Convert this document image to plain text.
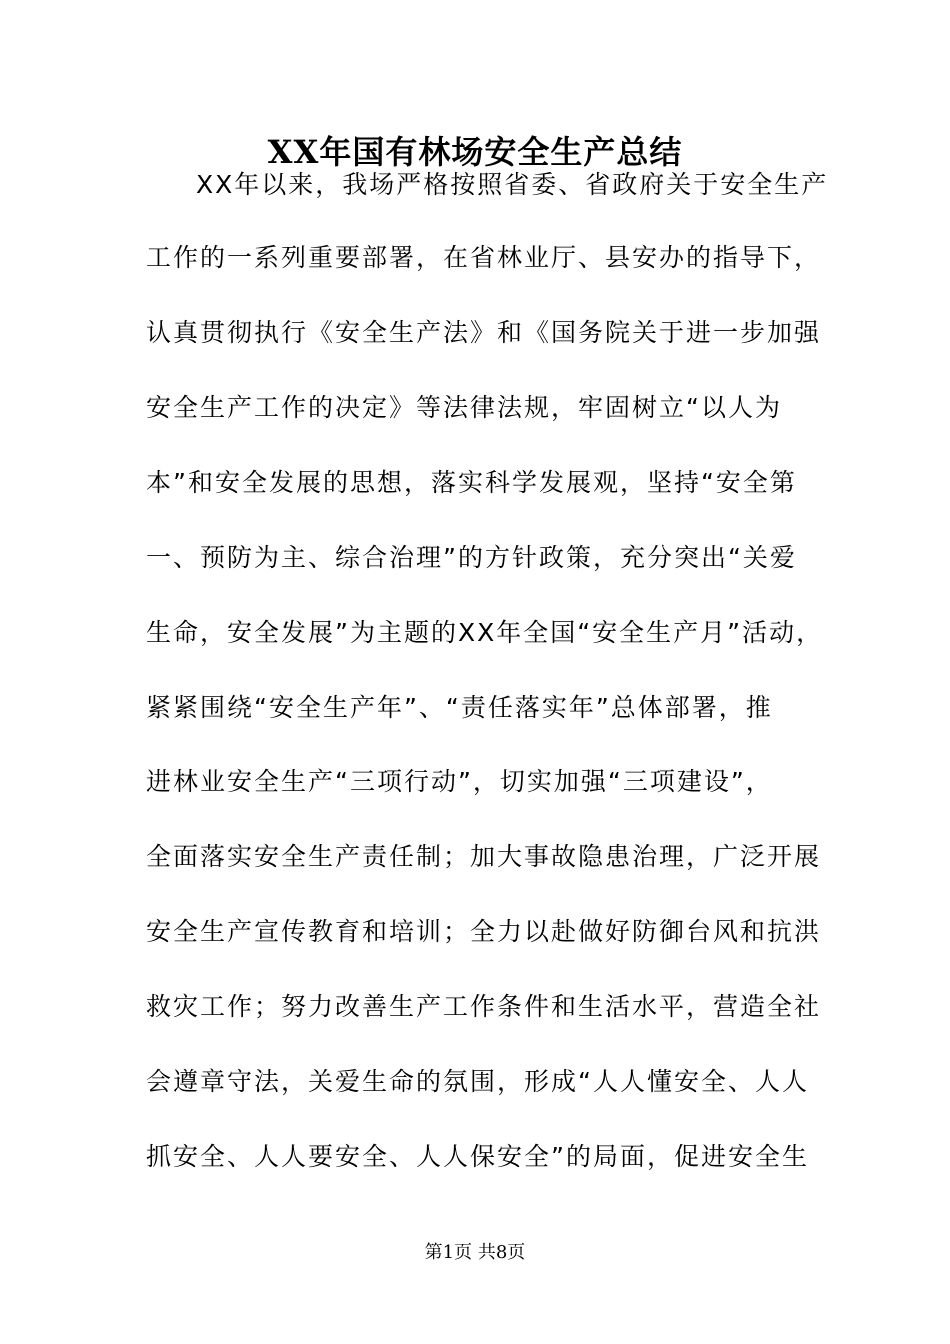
XX年国有林场安全生产总结
XX年以来，我场严格按照省委、省政府关于安全生产
工作的一系列重要部署，在省林业厅、县安办的指导下，
认真贯彻执行《安全生产法》和《国务院关于进一步加强
安全生产工作的决定》等法律法规，牢固树立“以人为
本”和安全发展的思想，落实科学发展观，坚持“安全第
一、预防为主、综合治理”的方针政策，充分突出“关爱
生命，安全发展”为主题的XX年全国“安全生产月”活动，
紧紧围绕“安全生产年”、“责任落实年”总体部署，推
进林业安全生产“三项行动”，切实加强“三项建设”，
全面落实安全生产责任制；加大事故隐患治理，广泛开展
安全生产宣传教育和培训；全力以赴做好防御台风和抗洪
救灾工作；努力改善生产工作条件和生活水平，营造全社
会遵章守法，关爱生命的氛围，形成“人人懂安全、人人
抓安全、人人要安全、人人保安全”的局面，促进安全生
第1页 共8页
